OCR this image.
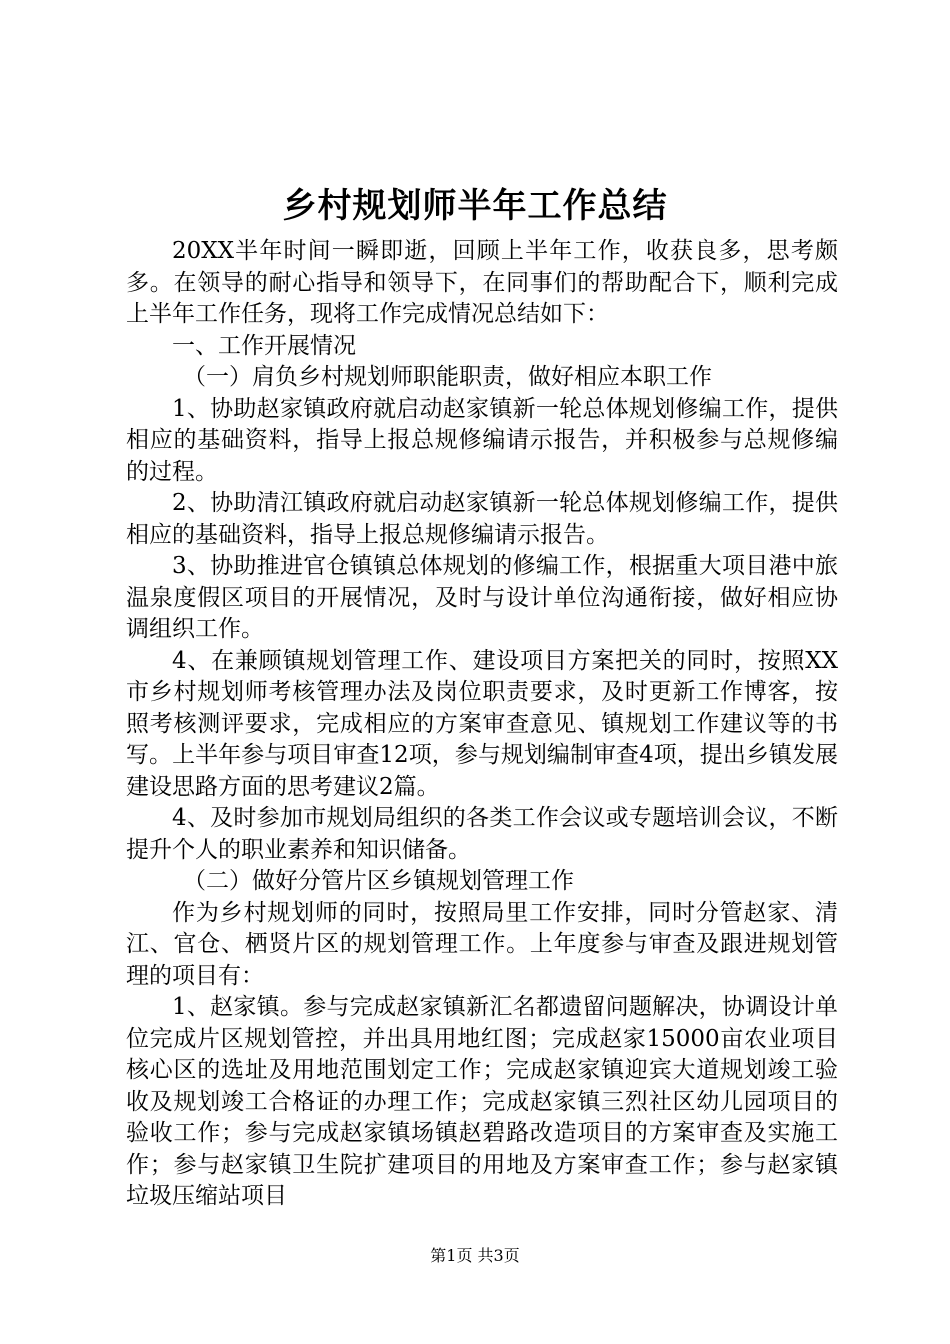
乡村规划师半年工作总结

20XX半年时间一瞬即逝，回顾上半年工作，收获良多，思考颇多。在领导的耐心指导和领导下，在同事们的帮助配合下，顺利完成上半年工作任务，现将工作完成情况总结如下：

一、工作开展情况

（一）肩负乡村规划师职能职责，做好相应本职工作

1、协助赵家镇政府就启动赵家镇新一轮总体规划修编工作，提供相应的基础资料，指导上报总规修编请示报告，并积极参与总规修编的过程。

2、协助清江镇政府就启动赵家镇新一轮总体规划修编工作，提供相应的基础资料，指导上报总规修编请示报告。

3、协助推进官仓镇镇总体规划的修编工作，根据重大项目港中旅温泉度假区项目的开展情况，及时与设计单位沟通衔接，做好相应协调组织工作。

4、在兼顾镇规划管理工作、建设项目方案把关的同时，按照XX市乡村规划师考核管理办法及岗位职责要求，及时更新工作博客，按照考核测评要求，完成相应的方案审查意见、镇规划工作建议等的书写。上半年参与项目审查12项，参与规划编制审查4项，提出乡镇发展建设思路方面的思考建议2篇。

4、及时参加市规划局组织的各类工作会议或专题培训会议，不断提升个人的职业素养和知识储备。

（二）做好分管片区乡镇规划管理工作

作为乡村规划师的同时，按照局里工作安排，同时分管赵家、清江、官仓、栖贤片区的规划管理工作。上年度参与审查及跟进规划管理的项目有：

1、赵家镇。参与完成赵家镇新汇名都遗留问题解决，协调设计单位完成片区规划管控，并出具用地红图；完成赵家15000亩农业项目核心区的选址及用地范围划定工作；完成赵家镇迎宾大道规划竣工验收及规划竣工合格证的办理工作；完成赵家镇三烈社区幼儿园项目的验收工作；参与完成赵家镇场镇赵碧路改造项目的方案审查及实施工作；参与赵家镇卫生院扩建项目的用地及方案审查工作；参与赵家镇垃圾压缩站项目

第1页 共3页
